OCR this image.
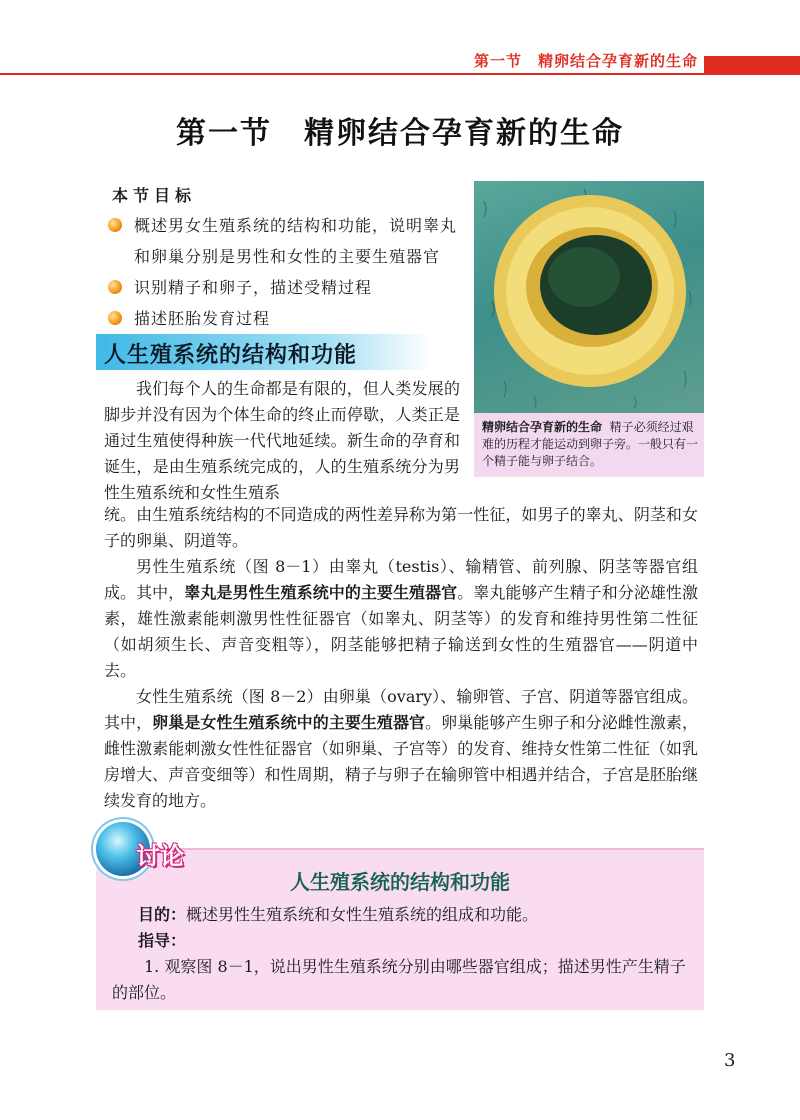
第一节　精卵结合孕育新的生命
第一节　精卵结合孕育新的生命
本节目标
概述男女生殖系统的结构和功能，说明睾丸和卵巢分别是男性和女性的主要生殖器官
识别精子和卵子，描述受精过程
描述胚胎发育过程
精卵结合孕育新的生命 精子必须经过艰难的历程才能运动到卵子旁。一般只有一个精子能与卵子结合。
人生殖系统的结构和功能
我们每个人的生命都是有限的，但人类发展的脚步并没有因为个体生命的终止而停歇，人类正是通过生殖使得种族一代代地延续。新生命的孕育和诞生，是由生殖系统完成的，人的生殖系统分为男性生殖系统和女性生殖系
统。由生殖系统结构的不同造成的两性差异称为第一性征，如男子的睾丸、阴茎和女子的卵巢、阴道等。
男性生殖系统（图 8－1）由睾丸（testis）、输精管、前列腺、阴茎等器官组成。其中，睾丸是男性生殖系统中的主要生殖器官。睾丸能够产生精子和分泌雄性激素，雄性激素能刺激男性性征器官（如睾丸、阴茎等）的发育和维持男性第二性征（如胡须生长、声音变粗等），阴茎能够把精子输送到女性的生殖器官——阴道中去。
女性生殖系统（图 8－2）由卵巢（ovary）、输卵管、子宫、阴道等器官组成。其中，卵巢是女性生殖系统中的主要生殖器官。卵巢能够产生卵子和分泌雌性激素，雌性激素能刺激女性性征器官（如卵巢、子宫等）的发育、维持女性第二性征（如乳房增大、声音变细等）和性周期，精子与卵子在输卵管中相遇并结合，子宫是胚胎继续发育的地方。
讨论
人生殖系统的结构和功能
目的：概述男性生殖系统和女性生殖系统的组成和功能。
指导：
1. 观察图 8－1，说出男性生殖系统分别由哪些器官组成；描述男性产生精子的部位。
3
